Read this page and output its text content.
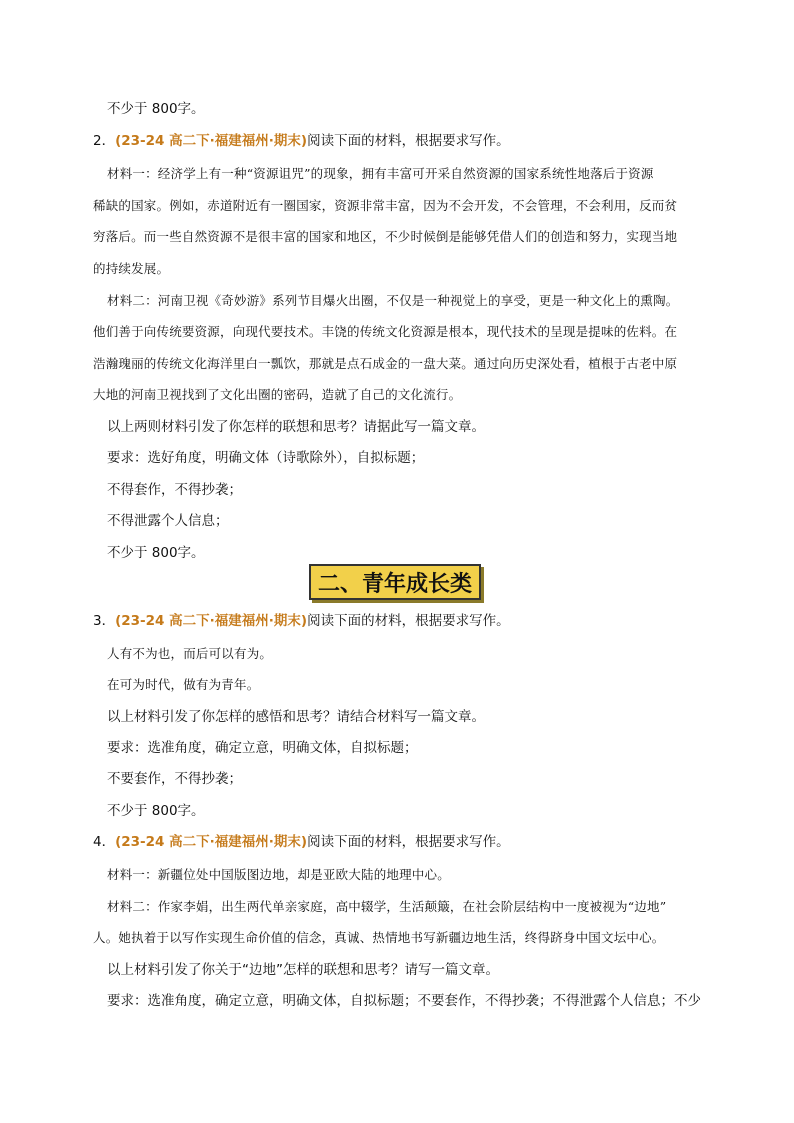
不少于 800字。
2．(23-24 高二下·福建福州·期末)阅读下面的材料，根据要求写作。
材料一：经济学上有一种“资源诅咒”的现象，拥有丰富可开采自然资源的国家系统性地落后于资源
稀缺的国家。例如，赤道附近有一圈国家，资源非常丰富，因为不会开发，不会管理，不会利用，反而贫
穷落后。而一些自然资源不是很丰富的国家和地区，不少时候倒是能够凭借人们的创造和努力，实现当地
的持续发展。
材料二：河南卫视《奇妙游》系列节目爆火出圈，不仅是一种视觉上的享受，更是一种文化上的熏陶。
他们善于向传统要资源，向现代要技术。丰饶的传统文化资源是根本，现代技术的呈现是提味的佐料。在
浩瀚瑰丽的传统文化海洋里白一瓢饮，那就是点石成金的一盘大菜。通过向历史深处看，植根于古老中原
大地的河南卫视找到了文化出圈的密码，造就了自己的文化流行。
以上两则材料引发了你怎样的联想和思考？请据此写一篇文章。
要求：选好角度，明确文体（诗歌除外），自拟标题；
不得套作，不得抄袭；
不得泄露个人信息；
不少于 800字。
二、青年成长类
3．(23-24 高二下·福建福州·期末)阅读下面的材料，根据要求写作。
人有不为也，而后可以有为。
在可为时代，做有为青年。
以上材料引发了你怎样的感悟和思考？请结合材料写一篇文章。
要求：选准角度，确定立意，明确文体，自拟标题；
不要套作，不得抄袭；
不少于 800字。
4．(23-24 高二下·福建福州·期末)阅读下面的材料，根据要求写作。
材料一：新疆位处中国版图边地，却是亚欧大陆的地理中心。
材料二：作家李娟，出生两代单亲家庭，高中辍学，生活颠簸，在社会阶层结构中一度被视为“边地”
人。她执着于以写作实现生命价值的信念，真诚、热情地书写新疆边地生活，终得跻身中国文坛中心。
以上材料引发了你关于“边地”怎样的联想和思考？请写一篇文章。
要求：选准角度，确定立意，明确文体，自拟标题；不要套作，不得抄袭；不得泄露个人信息；不少
